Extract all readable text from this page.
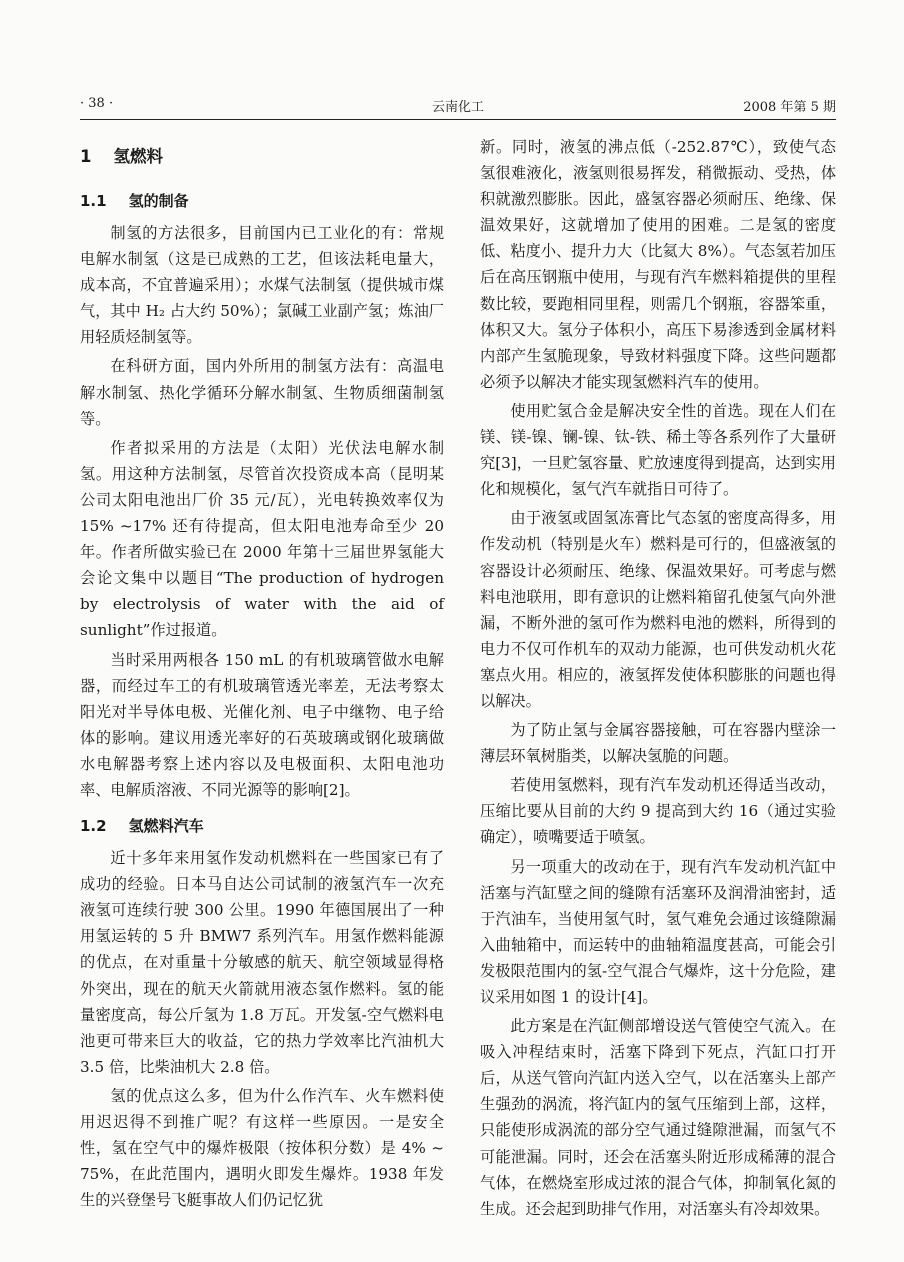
· 38 ·	云南化工	2008 年第 5 期
1 氢燃料
1.1 氢的制备

制氢的方法很多，目前国内已工业化的有：常规电解水制氢（这是已成熟的工艺，但该法耗电量大，成本高，不宜普遍采用）；水煤气法制氢（提供城市煤气，其中 H₂ 占大约 50%）；氯碱工业副产氢；炼油厂用轻质烃制氢等。

在科研方面，国内外所用的制氢方法有：高温电解水制氢、热化学循环分解水制氢、生物质细菌制氢等。

作者拟采用的方法是（太阳）光伏法电解水制氢。用这种方法制氢，尽管首次投资成本高（昆明某公司太阳电池出厂价 35 元/瓦），光电转换效率仅为 15% ~17% 还有待提高，但太阳电池寿命至少 20 年。作者所做实验已在 2000 年第十三届世界氢能大会论文集中以题目“The production of hydrogen by electrolysis of water with the aid of sunlight”作过报道。

当时采用两根各 150 mL 的有机玻璃管做水电解器，而经过车工的有机玻璃管透光率差，无法考察太阳光对半导体电极、光催化剂、电子中继物、电子给体的影响。建议用透光率好的石英玻璃或钢化玻璃做水电解器考察上述内容以及电极面积、太阳电池功率、电解质溶液、不同光源等的影响[2]。

1.2 氢燃料汽车

近十多年来用氢作发动机燃料在一些国家已有了成功的经验。日本马自达公司试制的液氢汽车一次充液氢可连续行驶 300 公里。1990 年德国展出了一种用氢运转的 5 升 BMW7 系列汽车。用氢作燃料能源的优点，在对重量十分敏感的航天、航空领域显得格外突出，现在的航天火箭就用液态氢作燃料。氢的能量密度高，每公斤氢为 1.8 万瓦。开发氢-空气燃料电池更可带来巨大的收益，它的热力学效率比汽油机大 3.5 倍，比柴油机大 2.8 倍。

氢的优点这么多，但为什么作汽车、火车燃料使用迟迟得不到推广呢？有这样一些原因。一是安全性，氢在空气中的爆炸极限（按体积分数）是 4% ~ 75%，在此范围内，遇明火即发生爆炸。1938 年发生的兴登堡号飞艇事故人们仍记忆犹

新。同时，液氢的沸点低（-252.87℃），致使气态氢很难液化，液氢则很易挥发，稍微振动、受热，体积就激烈膨胀。因此，盛氢容器必须耐压、绝缘、保温效果好，这就增加了使用的困难。二是氢的密度低、粘度小、提升力大（比氦大 8%）。气态氢若加压后在高压钢瓶中使用，与现有汽车燃料箱提供的里程数比较，要跑相同里程，则需几个钢瓶，容器笨重，体积又大。氢分子体积小，高压下易渗透到金属材料内部产生氢脆现象，导致材料强度下降。这些问题都必须予以解决才能实现氢燃料汽车的使用。

使用贮氢合金是解决安全性的首选。现在人们在镁、镁-镍、镧-镍、钛-铁、稀土等各系列作了大量研究[3]，一旦贮氢容量、贮放速度得到提高，达到实用化和规模化，氢气汽车就指日可待了。

由于液氢或固氢冻膏比气态氢的密度高得多，用作发动机（特别是火车）燃料是可行的，但盛液氢的容器设计必须耐压、绝缘、保温效果好。可考虑与燃料电池联用，即有意识的让燃料箱留孔使氢气向外泄漏，不断外泄的氢可作为燃料电池的燃料，所得到的电力不仅可作机车的双动力能源，也可供发动机火花塞点火用。相应的，液氢挥发使体积膨胀的问题也得以解决。

为了防止氢与金属容器接触，可在容器内壁涂一薄层环氧树脂类，以解决氢脆的问题。

若使用氢燃料，现有汽车发动机还得适当改动，压缩比要从目前的大约 9 提高到大约 16（通过实验确定），喷嘴要适于喷氢。

另一项重大的改动在于，现有汽车发动机汽缸中活塞与汽缸壁之间的缝隙有活塞环及润滑油密封，适于汽油车，当使用氢气时，氢气难免会通过该缝隙漏入曲轴箱中，而运转中的曲轴箱温度甚高，可能会引发极限范围内的氢-空气混合气爆炸，这十分危险，建议采用如图 1 的设计[4]。

此方案是在汽缸侧部增设送气管使空气流入。在吸入冲程结束时，活塞下降到下死点，汽缸口打开后，从送气管向汽缸内送入空气，以在活塞头上部产生强劲的涡流，将汽缸内的氢气压缩到上部，这样，只能使形成涡流的部分空气通过缝隙泄漏，而氢气不可能泄漏。同时，还会在活塞头附近形成稀薄的混合气体，在燃烧室形成过浓的混合气体，抑制氧化氮的生成。还会起到助排气作用，对活塞头有冷却效果。
